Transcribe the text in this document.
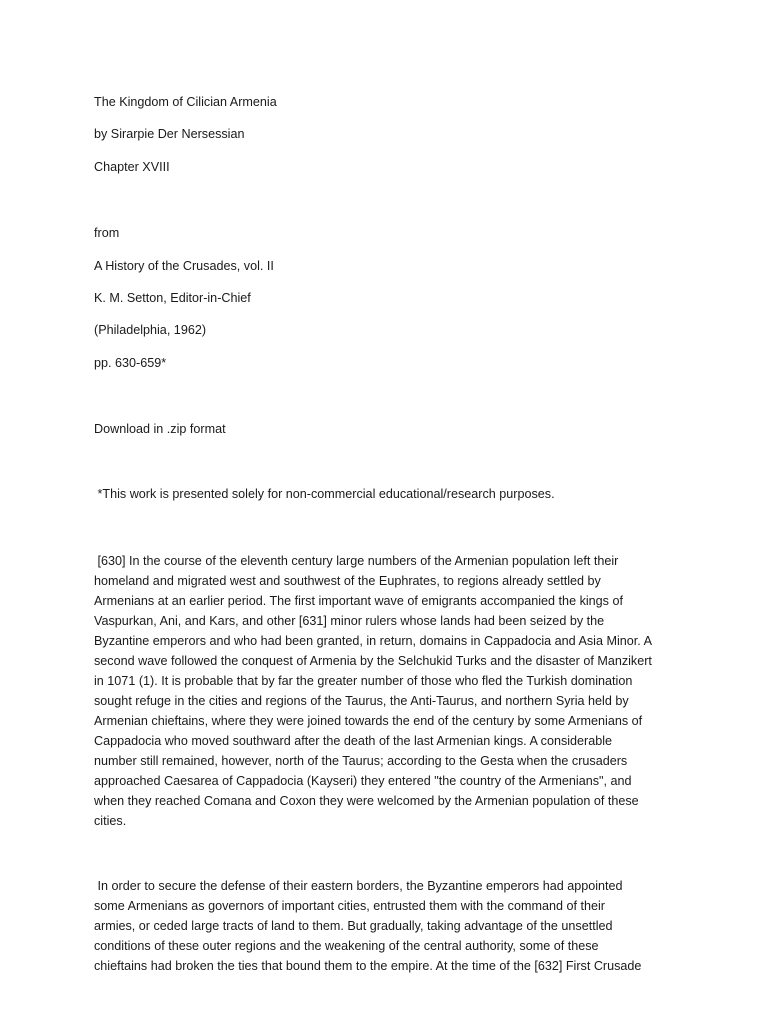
The Kingdom of Cilician Armenia

by Sirarpie Der Nersessian

Chapter XVIII

from

A History of the Crusades, vol. II

K. M. Setton, Editor-in-Chief

(Philadelphia, 1962)

pp. 630-659*

Download in .zip format

*This work is presented solely for non-commercial educational/research purposes.

[630] In the course of the eleventh century large numbers of the Armenian population left their
homeland and migrated west and southwest of the Euphrates, to regions already settled by
Armenians at an earlier period. The first important wave of emigrants accompanied the kings of
Vaspurkan, Ani, and Kars, and other [631] minor rulers whose lands had been seized by the
Byzantine emperors and who had been granted, in return, domains in Cappadocia and Asia Minor. A
second wave followed the conquest of Armenia by the Selchukid Turks and the disaster of Manzikert
in 1071 (1). It is probable that by far the greater number of those who fled the Turkish domination
sought refuge in the cities and regions of the Taurus, the Anti-Taurus, and northern Syria held by
Armenian chieftains, where they were joined towards the end of the century by some Armenians of
Cappadocia who moved southward after the death of the last Armenian kings. A considerable
number still remained, however, north of the Taurus; according to the Gesta when the crusaders
approached Caesarea of Cappadocia (Kayseri) they entered "the country of the Armenians", and
when they reached Comana and Coxon they were welcomed by the Armenian population of these
cities.
In order to secure the defense of their eastern borders, the Byzantine emperors had appointed
some Armenians as governors of important cities, entrusted them with the command of their
armies, or ceded large tracts of land to them. But gradually, taking advantage of the unsettled
conditions of these outer regions and the weakening of the central authority, some of these
chieftains had broken the ties that bound them to the empire. At the time of the [632] First Crusade
